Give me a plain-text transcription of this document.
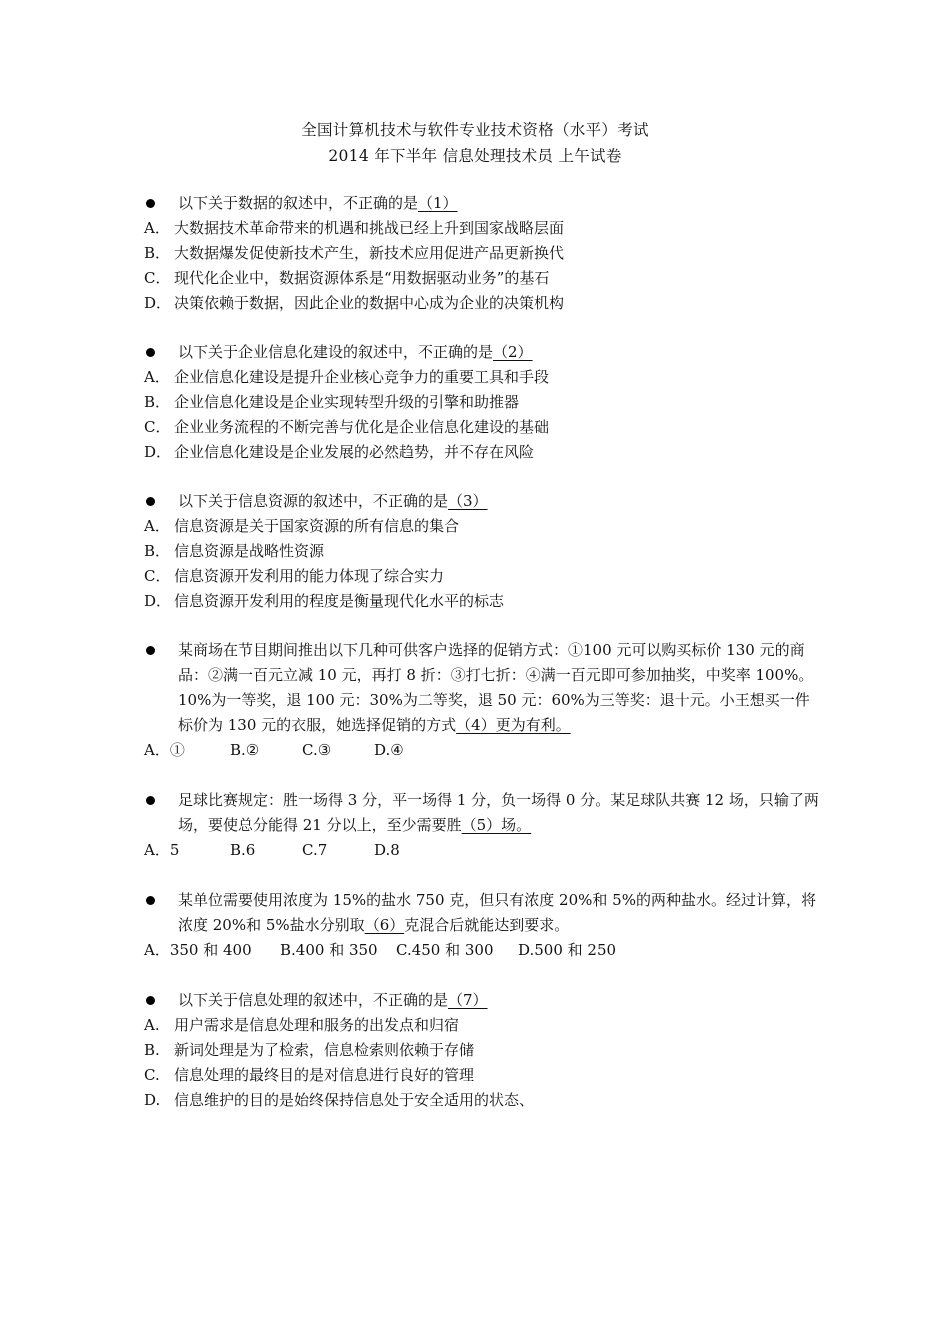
全国计算机技术与软件专业技术资格（水平）考试
2014 年下半年 信息处理技术员 上午试卷
以下关于数据的叙述中，不正确的是（1）
A． 大数据技术革命带来的机遇和挑战已经上升到国家战略层面
B． 大数据爆发促使新技术产生，新技术应用促进产品更新换代
C． 现代化企业中，数据资源体系是“用数据驱动业务”的基石
D． 决策依赖于数据，因此企业的数据中心成为企业的决策机构
以下关于企业信息化建设的叙述中，不正确的是（2）
A． 企业信息化建设是提升企业核心竞争力的重要工具和手段
B． 企业信息化建设是企业实现转型升级的引擎和助推器
C． 企业业务流程的不断完善与优化是企业信息化建设的基础
D． 企业信息化建设是企业发展的必然趋势，并不存在风险
以下关于信息资源的叙述中，不正确的是（3）
A． 信息资源是关于国家资源的所有信息的集合
B． 信息资源是战略性资源
C． 信息资源开发利用的能力体现了综合实力
D． 信息资源开发利用的程度是衡量现代化水平的标志
某商场在节目期间推出以下几种可供客户选择的促销方式：①100 元可以购买标价 130 元的商品：②满一百元立减 10 元，再打 8 折：③打七折：④满一百元即可参加抽奖，中奖率 100%。10%为一等奖，退 100 元：30%为二等奖，退 50 元：60%为三等奖：退十元。小王想买一件标价为 130 元的衣服，她选择促销的方式（4）更为有利。
A．①	B.②	C.③	D.④
足球比赛规定：胜一场得 3 分，平一场得 1 分，负一场得 0 分。某足球队共赛 12 场，只输了两场，要使总分能得 21 分以上，至少需要胜（5）场。
A．5	B.6	C.7	D.8
某单位需要使用浓度为 15%的盐水 750 克，但只有浓度 20%和 5%的两种盐水。经过计算，将浓度 20%和 5%盐水分别取（6）克混合后就能达到要求。
A．350 和 400	B.400 和 350	C.450 和 300	D.500 和 250
以下关于信息处理的叙述中，不正确的是（7）
A. 用户需求是信息处理和服务的出发点和归宿
B. 新词处理是为了检索，信息检索则依赖于存储
C. 信息处理的最终目的是对信息进行良好的管理
D. 信息维护的目的是始终保持信息处于安全适用的状态、
